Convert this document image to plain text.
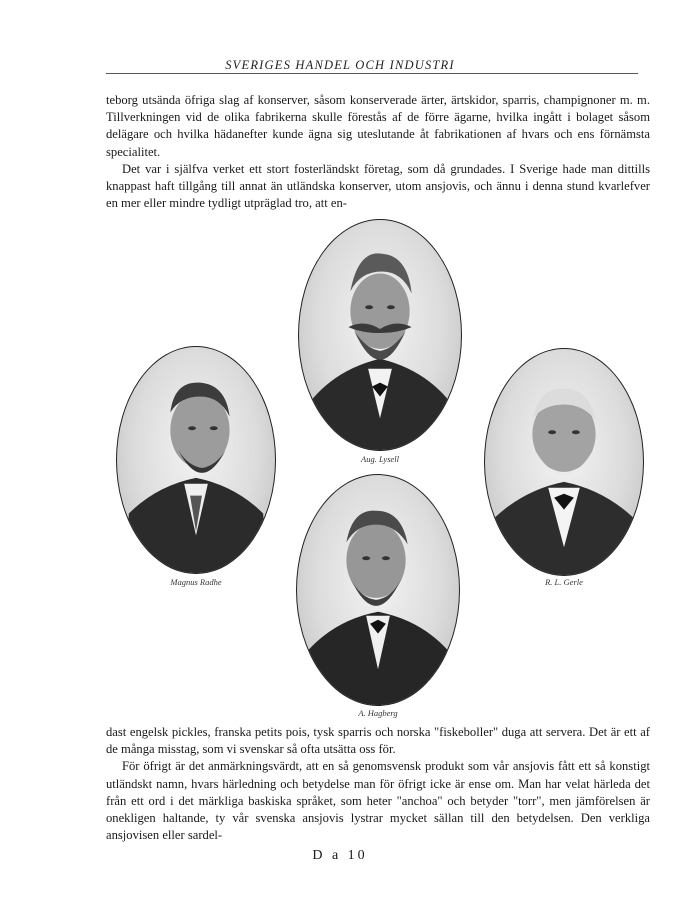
SVERIGES HANDEL OCH INDUSTRI

teborg utsända öfriga slag af konserver, såsom konserverade ärter, ärtskidor, sparris, champignoner m. m. Tillverkningen vid de olika fabrikerna skulle förestås af de förre ägarne, hvilka ingått i bolaget såsom delägare och hvilka hädanefter kunde ägna sig uteslutande åt fabrikationen af hvars och ens förnämsta specialitet.

Det var i själfva verket ett stort fosterländskt företag, som då grundades. I Sverige hade man dittills knappast haft tillgång till annat än utländska konserver, utom ansjovis, och ännu i denna stund kvarlefver en mer eller mindre tydligt utpräglad tro, att en-

Aug. Lysell
Magnus Radhe	R. L. Gerle
A. Hagberg

dast engelsk pickles, franska petits pois, tysk sparris och norska "fiskeboller" duga att servera. Det är ett af de många misstag, som vi svenskar så ofta utsätta oss för.

För öfrigt är det anmärkningsvärdt, att en så genomsvensk produkt som vår ansjovis fått ett så konstigt utländskt namn, hvars härledning och betydelse man för öfrigt icke är ense om. Man har velat härleda det från ett ord i det märkliga baskiska språket, som heter "anchoa" och betyder "torr", men jämförelsen är onekligen haltande, ty vår svenska ansjovis lystrar mycket sällan till den betydelsen. Den verkliga ansjovisen eller sardel-

D a 10
